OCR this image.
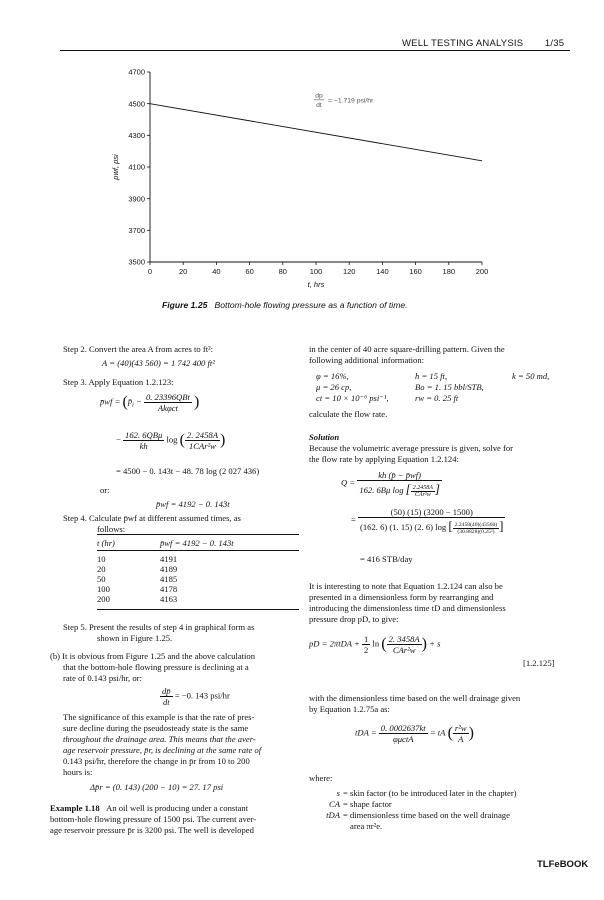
WELL TESTING ANALYSIS 1/35
0	20	40	60	80	100	120	140	160	180	200
3500
3700
3900
4100
4300
4500
4700
t, hrs
pwf, psi
dp
dt
= −1.719 psi/hr
Figure 1.25 Bottom-hole flowing pressure as a function of time.
Step 2. Convert the area A from acres to ft²:
A = (40)(43 560) = 1 742 400 ft²
Step 3. Apply Equation 1.2.123:
p̄wf = ($p̄_i - \frac{\text{0. 23396QBt}}{\text{Akφct}}$ )
− $\frac{\text{162. 6QBμ}}{kh}$ log ( $\frac{2. 2458A}{\text{1CAr²w}}$ )
= 4500 − 0. 143t − 48. 78 log (2 027 436)
or:
p̄wf = 4192 − 0. 143t
Step 4. Calculate p̄wf at different assumed times, as
follows:
t (hr)	p̄wf = 4192 − 0. 143t
10	4191
20	4189
50	4185
100	4178
200	4163
Step 5. Present the results of step 4 in graphical form as
shown in Figure 1.25.
(b) It is obvious from Figure 1.25 and the above calculation
that the bottom-hole flowing pressure is declining at a
rate of 0.143 psi/hr, or:
$\frac{dp̄}{dt} = -0$. 143 psi/hr
The significance of this example is that the rate of pres-
sure decline during the pseudosteady state is the same
throughout the drainage area. This means that the aver-
age reservoir pressure, p̄r, is declining at the same rate of
0.143 psi/hr, therefore the change in p̄r from 10 to 200
hours is:
Δp̄r = (0. 143) (200 − 10) = 27. 17 psi
Example 1.18 An oil well is producing under a constant
bottom-hole flowing pressure of 1500 psi. The current aver-
age reservoir pressure p̄r is 3200 psi. The well is developed
in the center of 40 acre square-drilling pattern. Given the
following additional information:
φ = 16%,	h = 15 ft,	k = 50 md,
μ = 26 cp,	Bo = 1. 15 bbl/STB,
ct = 10 × 10⁻⁶ psi⁻¹,	rw = 0. 25 ft
calculate the flow rate.
Solution
Because the volumetric average pressure is given, solve for
the flow rate by applying Equation 1.2.124:
$Q = \frac{kh (p̄ - p̄wf)}{162. 6B\mu \log [ \frac{2.2458A}{\text{CAr²w}} ]}$
=
(50) (15) (3200 − 1500)
(162. 6) (1. 15) (2. 6) log [ $\frac{2.2458(40)(43560)}{\text{(30.8828)(0.25²)}}$ ]
= 416 STB/day
It is interesting to note that Equation 1.2.124 can also be
presented in a dimensionless form by rearranging and
introducing the dimensionless time tD and dimensionless
pressure drop pD, to give:
pD = $2\pi tDA + \frac{1}{2}$ ln ( $\frac{2. 3458A}{\text{CAr²w}}$ ) + s
[1.2.125]
with the dimensionless time based on the well drainage given
by Equation 1.2.75a as:
tDA = $\frac{0. 0002637kt}{\text{φμctA}}$ = tA ( $\frac{\text{r²w}}{A}$ )
where:
s = skin factor (to be introduced later in the chapter)
CA = shape factor
tDA = dimensionless time based on the well drainage
area πr²e.
TLFeBOOK
